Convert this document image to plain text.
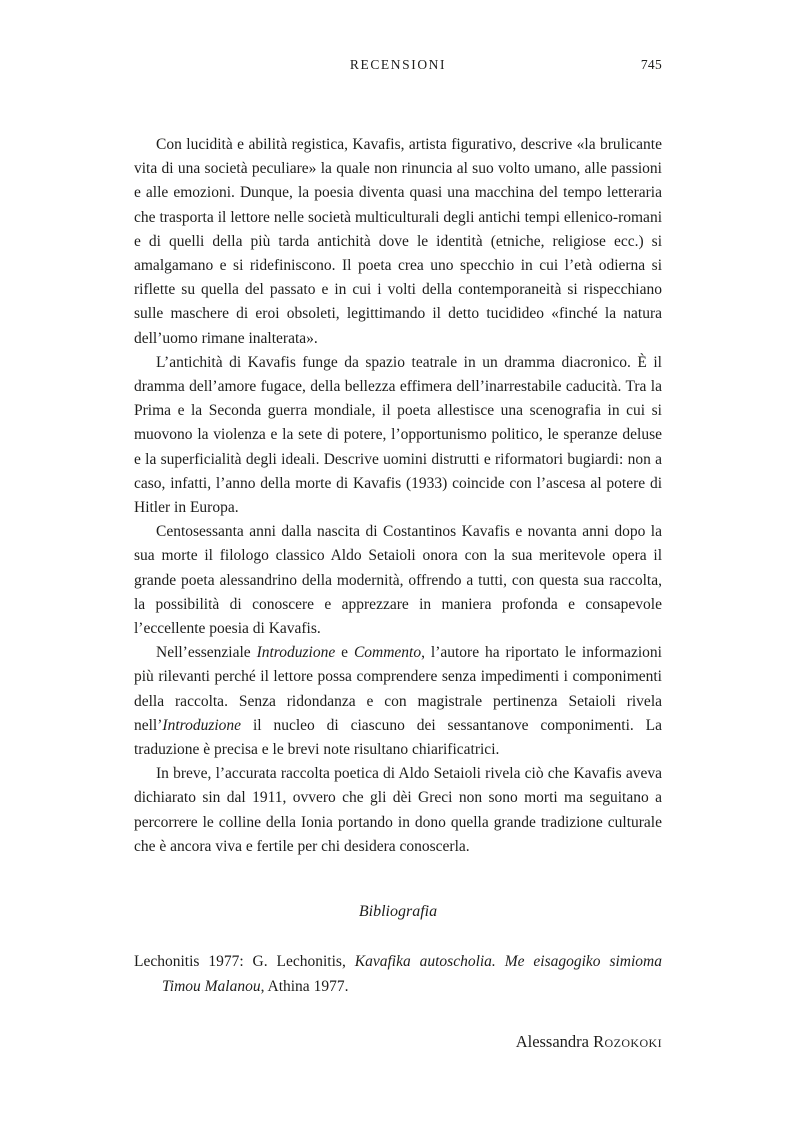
RECENSIONI	745

Con lucidità e abilità registica, Kavafis, artista figurativo, descrive «la brulicante vita di una società peculiare» la quale non rinuncia al suo volto umano, alle passioni e alle emozioni. Dunque, la poesia diventa quasi una macchina del tempo letteraria che trasporta il lettore nelle società multiculturali degli antichi tempi ellenico-romani e di quelli della più tarda antichità dove le identità (etniche, religiose ecc.) si amalgamano e si ridefiniscono. Il poeta crea uno specchio in cui l’età odierna si riflette su quella del passato e in cui i volti della contemporaneità si rispecchiano sulle maschere di eroi obsoleti, legittimando il detto tucidideo «finché la natura dell’uomo rimane inalterata».

L’antichità di Kavafis funge da spazio teatrale in un dramma diacronico. È il dramma dell’amore fugace, della bellezza effimera dell’inarrestabile caducità. Tra la Prima e la Seconda guerra mondiale, il poeta allestisce una scenografia in cui si muovono la violenza e la sete di potere, l’opportunismo politico, le speranze deluse e la superficialità degli ideali. Descrive uomini distrutti e riformatori bugiardi: non a caso, infatti, l’anno della morte di Kavafis (1933) coincide con l’ascesa al potere di Hitler in Europa.

Centosessanta anni dalla nascita di Costantinos Kavafis e novanta anni dopo la sua morte il filologo classico Aldo Setaioli onora con la sua meritevole opera il grande poeta alessandrino della modernità, offrendo a tutti, con questa sua raccolta, la possibilità di conoscere e apprezzare in maniera profonda e consapevole l’eccellente poesia di Kavafis.

Nell’essenziale Introduzione e Commento, l’autore ha riportato le informazioni più rilevanti perché il lettore possa comprendere senza impedimenti i componimenti della raccolta. Senza ridondanza e con magistrale pertinenza Setaioli rivela nell’Introduzione il nucleo di ciascuno dei sessantanove componimenti. La traduzione è precisa e le brevi note risultano chiarificatrici.

In breve, l’accurata raccolta poetica di Aldo Setaioli rivela ciò che Kavafis aveva dichiarato sin dal 1911, ovvero che gli dèi Greci non sono morti ma seguitano a percorrere le colline della Ionia portando in dono quella grande tradizione culturale che è ancora viva e fertile per chi desidera conoscerla.

Bibliografia

Lechonitis 1977: G. Lechonitis, Kavafika autoscholia. Me eisagogiko simioma Timou Malanou, Athina 1977.

Alessandra Rozokoki
